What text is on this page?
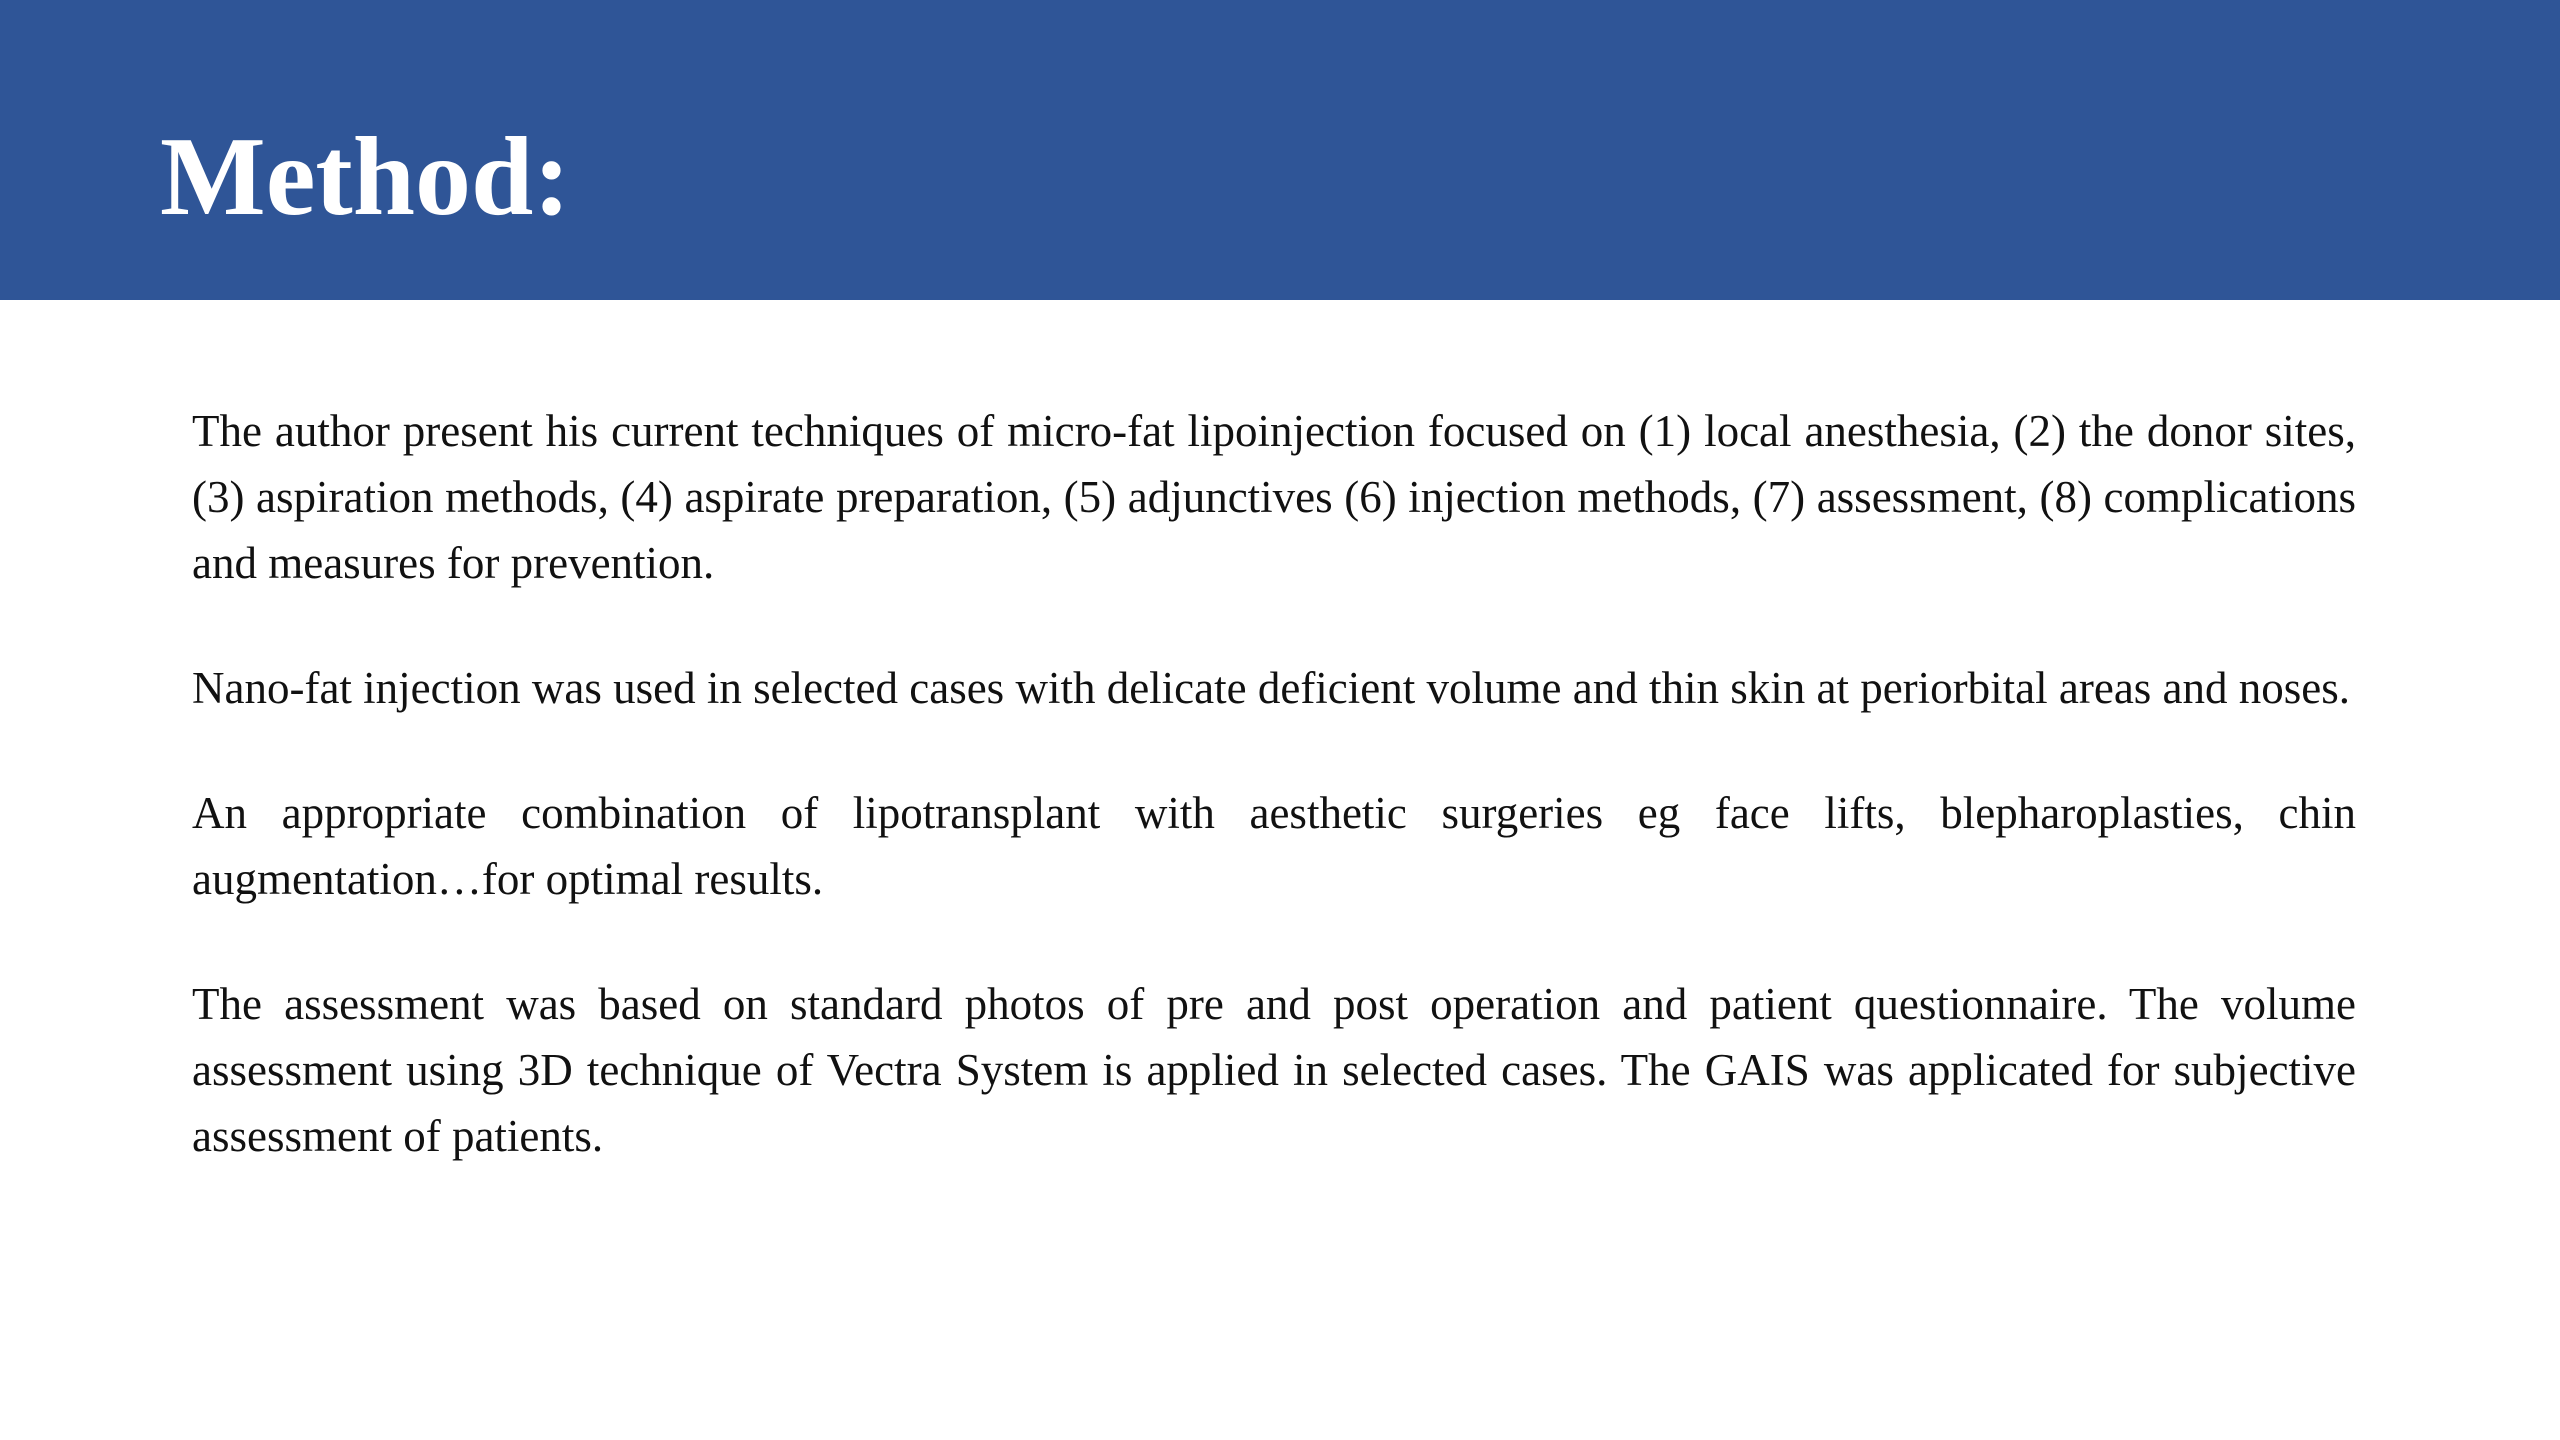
Method:

The author present his current techniques of micro-fat lipoinjection focused on (1) local anesthesia, (2) the donor sites, (3) aspiration methods, (4) aspirate preparation, (5) adjunctives (6) injection methods, (7) assessment, (8) complications and measures for prevention.

Nano-fat injection was used in selected cases with delicate deficient volume and thin skin at periorbital areas and noses.

An appropriate combination of lipotransplant with aesthetic surgeries eg face lifts, blepharoplasties, chin augmentation…for optimal results.

The assessment was based on standard photos of pre and post operation and patient questionnaire. The volume assessment using 3D technique of Vectra System is applied in selected cases. The GAIS was applicated for subjective assessment of patients.
